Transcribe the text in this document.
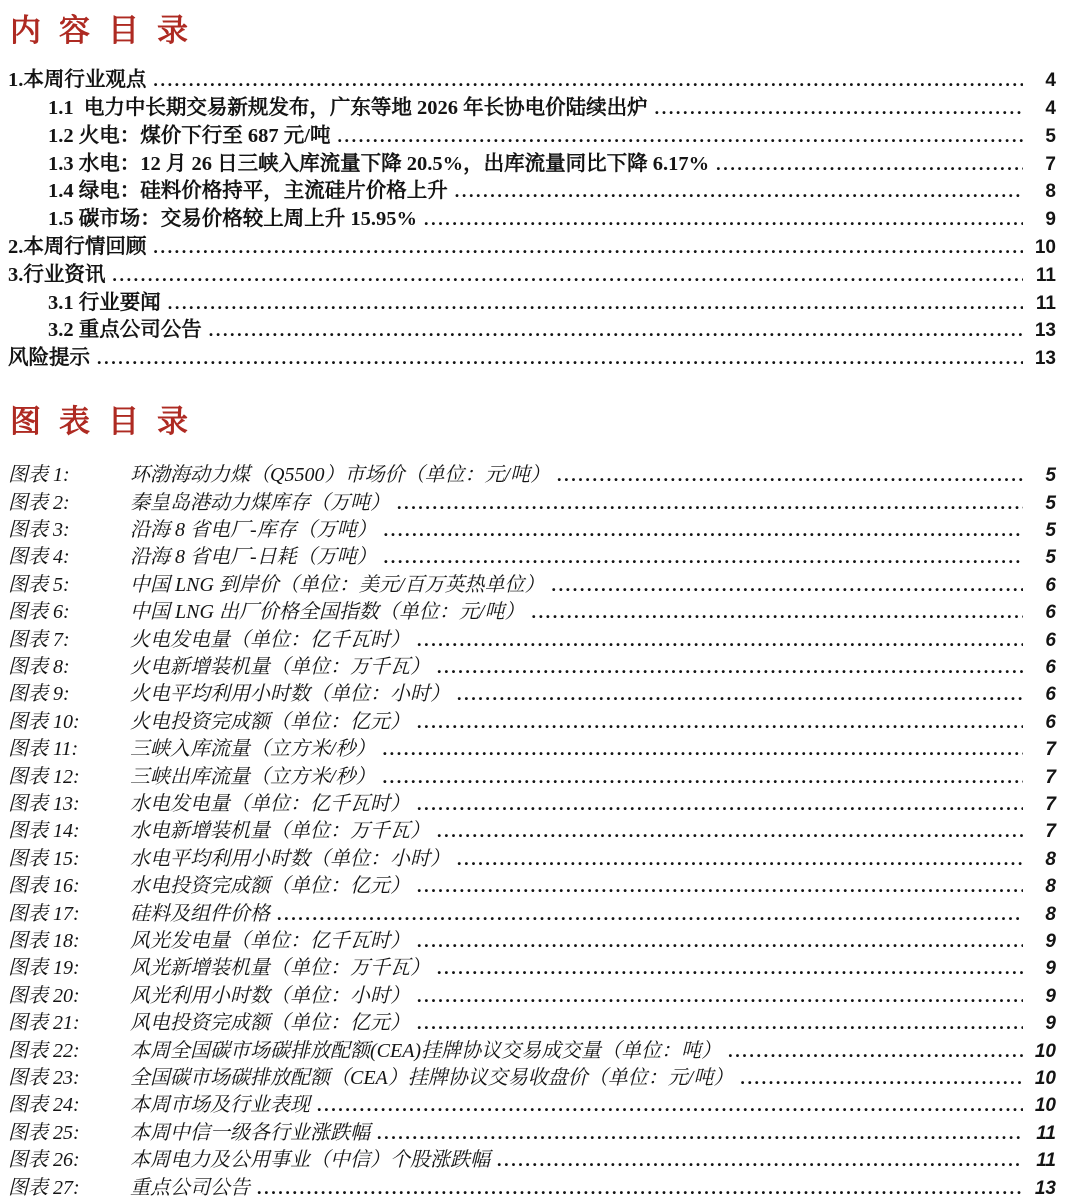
内容目录
1.本周行业观点 .....	4
1.1  电力中长期交易新规发布，广东等地 2026 年长协电价陆续出炉 .....	4
1.2 火电：煤价下行至 687 元/吨 .....	5
1.3 水电：12 月 26 日三峡入库流量下降 20.5%，出库流量同比下降 6.17% .....	7
1.4 绿电：硅料价格持平，主流硅片价格上升 .....	8
1.5 碳市场：交易价格较上周上升 15.95% .....	9
2.本周行情回顾 .....	10
3.行业资讯 .....	11
3.1 行业要闻 .....	11
3.2 重点公司公告 .....	13
风险提示 .....	13
图表目录
图表 1:	环渤海动力煤（Q5500）市场价（单位：元/吨） .....	5
图表 2:	秦皇岛港动力煤库存（万吨） .....	5
图表 3:	沿海 8 省电厂-库存（万吨） .....	5
图表 4:	沿海 8 省电厂-日耗（万吨） .....	5
图表 5:	中国 LNG 到岸价（单位：美元/百万英热单位） .....	6
图表 6:	中国 LNG 出厂价格全国指数（单位：元/吨） .....	6
图表 7:	火电发电量（单位：亿千瓦时） .....	6
图表 8:	火电新增装机量（单位：万千瓦） .....	6
图表 9:	火电平均利用小时数（单位：小时） .....	6
图表 10:	火电投资完成额（单位：亿元） .....	6
图表 11:	三峡入库流量（立方米/秒） .....	7
图表 12:	三峡出库流量（立方米/秒） .....	7
图表 13:	水电发电量（单位：亿千瓦时） .....	7
图表 14:	水电新增装机量（单位：万千瓦） .....	7
图表 15:	水电平均利用小时数（单位：小时） .....	8
图表 16:	水电投资完成额（单位：亿元） .....	8
图表 17:	硅料及组件价格 .....	8
图表 18:	风光发电量（单位：亿千瓦时） .....	9
图表 19:	风光新增装机量（单位：万千瓦） .....	9
图表 20:	风光利用小时数（单位：小时） .....	9
图表 21:	风电投资完成额（单位：亿元） .....	9
图表 22:	本周全国碳市场碳排放配额(CEA)挂牌协议交易成交量（单位：吨） .....	10
图表 23:	全国碳市场碳排放配额（CEA）挂牌协议交易收盘价（单位：元/吨） .....	10
图表 24:	本周市场及行业表现 .....	10
图表 25:	本周中信一级各行业涨跌幅 .....	11
图表 26:	本周电力及公用事业（中信）个股涨跌幅 .....	11
图表 27:	重点公司公告 .....	13
